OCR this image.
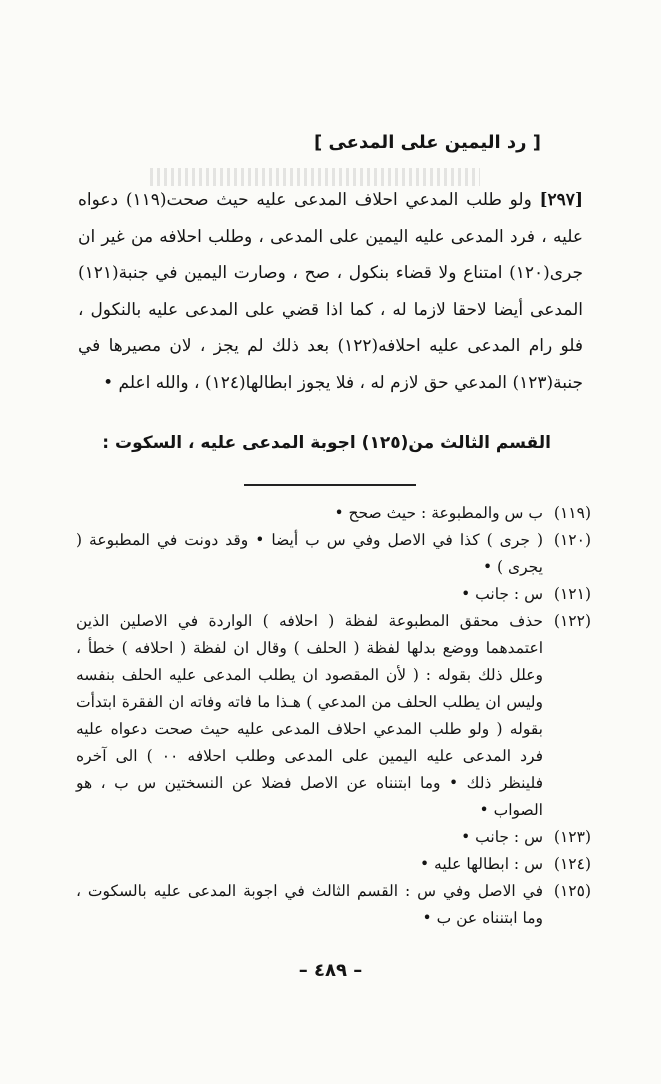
[ رد اليمين على المدعى ]

[٢٩٧] ولو طلب المدعي احلاف المدعى عليه حيث صحت(١١٩) دعواه عليه ، فرد المدعى عليه اليمين على المدعى ، وطلب احلافه من غير ان جرى(١٢٠) امتناع ولا قضاء بنكول ، صح ، وصارت اليمين في جنبة(١٢١) المدعى أيضا لاحقا لازما له ، كما اذا قضي على المدعى عليه بالنكول ، فلو رام المدعى عليه احلافه(١٢٢) بعد ذلك لم يجز ، لان مصيرها في جنبة(١٢٣) المدعي حق لازم له ، فلا يجوز ابطالها(١٢٤) ، والله اعلم •

القسم الثالث من(١٢٥) اجوبة المدعى عليه ، السكوت :
(١١٩)
ب س والمطبوعة : حيث صحح •
(١٢٠)
( جرى ) كذا في الاصل وفي س ب أيضا • وقد دونت في المطبوعة ( يجرى ) •
(١٢١)
س : جانب •
(١٢٢)
حذف محقق المطبوعة لفظة ( احلافه ) الواردة في الاصلين الذين اعتمدهما ووضع بدلها لفظة ( الحلف ) وقال ان لفظة ( احلافه ) خطأ ، وعلل ذلك بقوله : ( لأن المقصود ان يطلب المدعى عليه الحلف بنفسه وليس ان يطلب الحلف من المدعي ) هـذا ما فاته وفاته ان الفقرة ابتدأت بقوله ( ولو طلب المدعي احلاف المدعى عليه حيث صحت دعواه عليه فرد المدعى عليه اليمين على المدعى وطلب احلافه ٠٠ ) الى آخره فلينظر ذلك • وما ابتنناه عن الاصل فضلا عن النسختين س ب ، هو الصواب •
(١٢٣)
س : جانب •
(١٢٤)
س : ابطالها عليه •
(١٢٥)
في الاصل وفي س : القسم الثالث في اجوبة المدعى عليه بالسكوت ، وما ابتنناه عن ب •
– ٤٨٩ –
